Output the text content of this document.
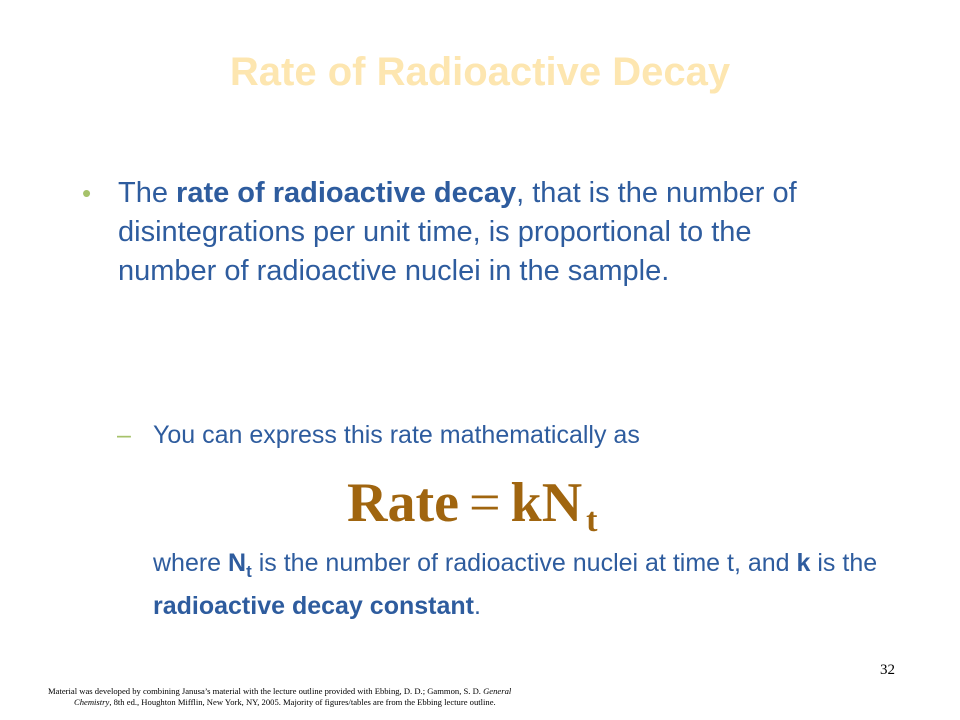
Rate of Radioactive Decay
• The rate of radioactive decay, that is the number of disintegrations per unit time, is proportional to the number of radioactive nuclei in the sample.
– You can express this rate mathematically as
Rate = kN $_t$
where $N_t$ is the number of radioactive nuclei at time t, and k is the radioactive decay constant.
32
Material was developed by combining Janusa’s material with the lecture outline provided with Ebbing, D. D.; Gammon, S. D. General
Chemistry, 8th ed., Houghton Mifflin, New York, NY, 2005. Majority of figures/tables are from the Ebbing lecture outline.
